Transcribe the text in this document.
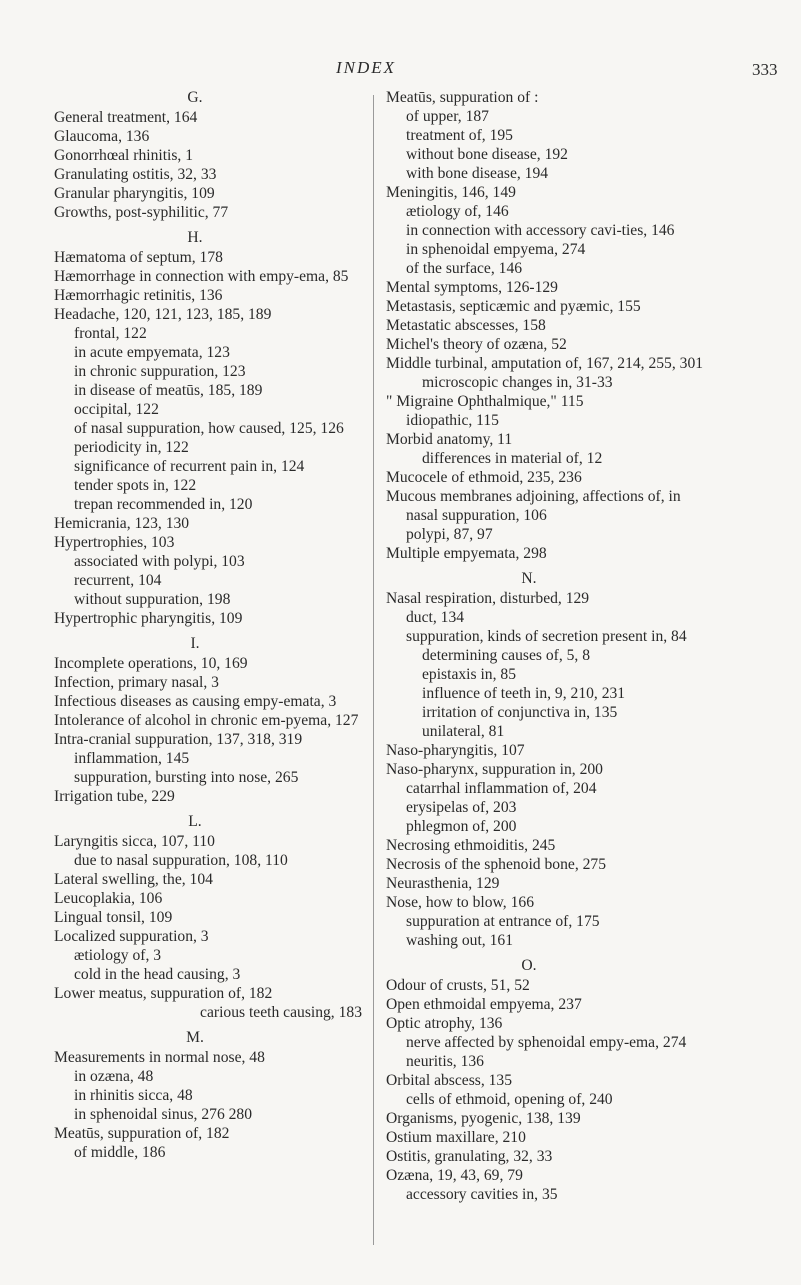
INDEX	333
G.

General treatment, 164

Glaucoma, 136

Gonorrhœal rhinitis, 1

Granulating ostitis, 32, 33

Granular pharyngitis, 109

Growths, post-syphilitic, 77

H.

Hæmatoma of septum, 178

Hæmorrhage in connection with empy-ema, 85

Hæmorrhagic retinitis, 136

Headache, 120, 121, 123, 185, 189

frontal, 122

in acute empyemata, 123

in chronic suppuration, 123

in disease of meatūs, 185, 189

occipital, 122

of nasal suppuration, how caused, 125, 126

periodicity in, 122

significance of recurrent pain in, 124

tender spots in, 122

trepan recommended in, 120

Hemicrania, 123, 130

Hypertrophies, 103

associated with polypi, 103

recurrent, 104

without suppuration, 198

Hypertrophic pharyngitis, 109

I.

Incomplete operations, 10, 169

Infection, primary nasal, 3

Infectious diseases as causing empy-emata, 3

Intolerance of alcohol in chronic em-pyema, 127

Intra-cranial suppuration, 137, 318, 319

inflammation, 145

suppuration, bursting into nose, 265

Irrigation tube, 229

L.

Laryngitis sicca, 107, 110

due to nasal suppuration, 108, 110

Lateral swelling, the, 104

Leucoplakia, 106

Lingual tonsil, 109

Localized suppuration, 3

ætiology of, 3

cold in the head causing, 3

Lower meatus, suppuration of, 182

carious teeth causing, 183

M.

Measurements in normal nose, 48

in ozæna, 48

in rhinitis sicca, 48

in sphenoidal sinus, 276 280

Meatūs, suppuration of, 182

of middle, 186

Meatūs, suppuration of :

of upper, 187

treatment of, 195

without bone disease, 192

with bone disease, 194

Meningitis, 146, 149

ætiology of, 146

in connection with accessory cavi-ties, 146

in sphenoidal empyema, 274

of the surface, 146

Mental symptoms, 126-129

Metastasis, septicæmic and pyæmic, 155

Metastatic abscesses, 158

Michel's theory of ozæna, 52

Middle turbinal, amputation of, 167, 214, 255, 301

microscopic changes in, 31-33

" Migraine Ophthalmique," 115

idiopathic, 115

Morbid anatomy, 11

differences in material of, 12

Mucocele of ethmoid, 235, 236

Mucous membranes adjoining, affections of, in nasal suppuration, 106

polypi, 87, 97

Multiple empyemata, 298

N.

Nasal respiration, disturbed, 129

duct, 134

suppuration, kinds of secretion present in, 84

determining causes of, 5, 8

epistaxis in, 85

influence of teeth in, 9, 210, 231

irritation of conjunctiva in, 135

unilateral, 81

Naso-pharyngitis, 107

Naso-pharynx, suppuration in, 200

catarrhal inflammation of, 204

erysipelas of, 203

phlegmon of, 200

Necrosing ethmoiditis, 245

Necrosis of the sphenoid bone, 275

Neurasthenia, 129

Nose, how to blow, 166

suppuration at entrance of, 175

washing out, 161

O.

Odour of crusts, 51, 52

Open ethmoidal empyema, 237

Optic atrophy, 136

nerve affected by sphenoidal empy-ema, 274

neuritis, 136

Orbital abscess, 135

cells of ethmoid, opening of, 240

Organisms, pyogenic, 138, 139

Ostium maxillare, 210

Ostitis, granulating, 32, 33

Ozæna, 19, 43, 69, 79

accessory cavities in, 35
